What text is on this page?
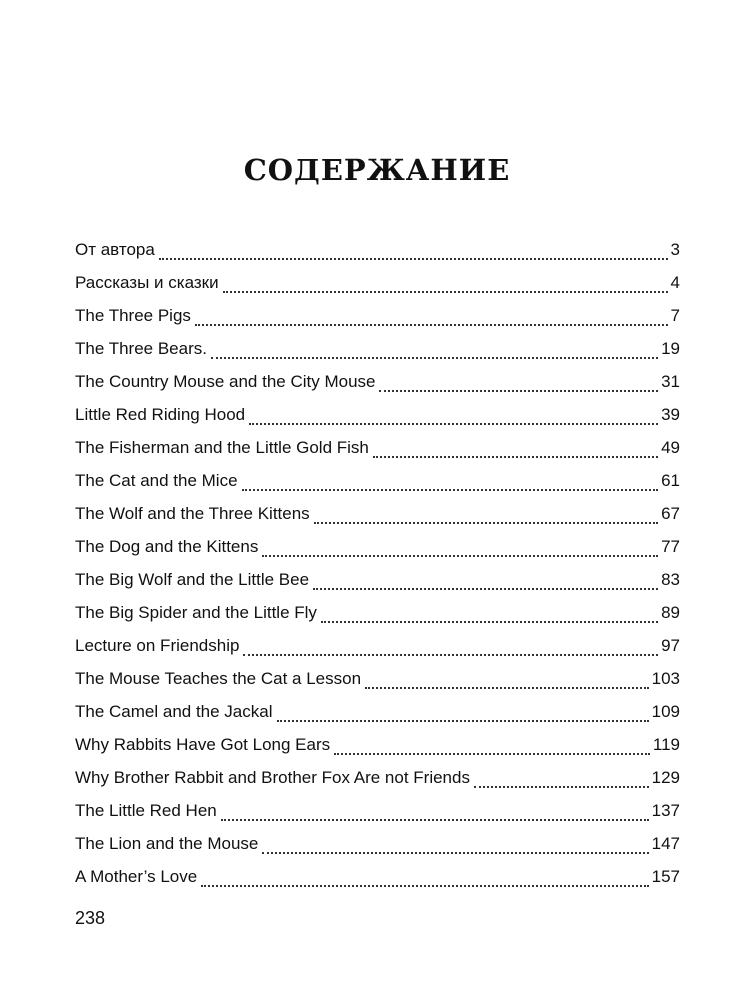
СОДЕРЖАНИЕ
От автора	3
Рассказы и сказки	4
The Three Pigs	7
The Three Bears.	19
The Country Mouse and the City Mouse	31
Little Red Riding Hood	39
The Fisherman and the Little Gold Fish	49
The Cat and the Mice	61
The Wolf and the Three Kittens	67
The Dog and the Kittens	77
The Big Wolf and the Little Bee	83
The Big Spider and the Little Fly	89
Lecture on Friendship	97
The Mouse Teaches the Cat a Lesson	103
The Camel and the Jackal	109
Why Rabbits Have Got Long Ears	119
Why Brother Rabbit and Brother Fox Are not Friends	129
The Little Red Hen	137
The Lion and the Mouse	147
A Mother’s Love	157
238
